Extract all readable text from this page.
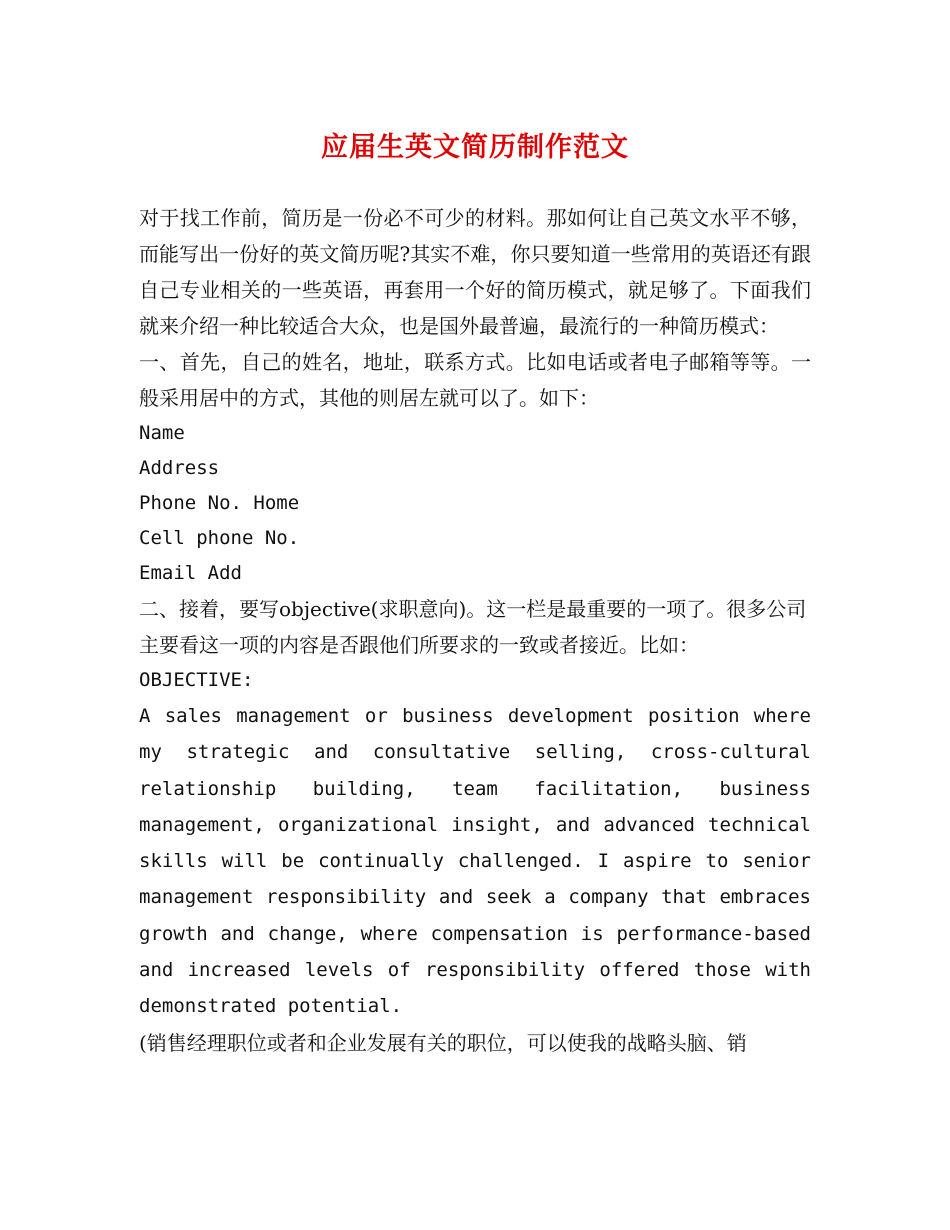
应届生英文简历制作范文

对于找工作前，简历是一份必不可少的材料。那如何让自己英文水平不够，而能写出一份好的英文简历呢?其实不难，你只要知道一些常用的英语还有跟自己专业相关的一些英语，再套用一个好的简历模式，就足够了。下面我们就来介绍一种比较适合大众，也是国外最普遍，最流行的一种简历模式：

一、首先，自己的姓名，地址，联系方式。比如电话或者电子邮箱等等。一般采用居中的方式，其他的则居左就可以了。如下：

Name

Address

Phone No. Home

Cell phone No.

Email Add

二、接着，要写objective(求职意向)。这一栏是最重要的一项了。很多公司主要看这一项的内容是否跟他们所要求的一致或者接近。比如：

OBJECTIVE:

A sales management or business development position where my strategic and consultative selling, cross-cultural relationship building, team facilitation, business management, organizational insight, and advanced technical skills will be continually challenged. I aspire to senior management responsibility and seek a company that embraces growth and change, where compensation is performance-based and increased levels of responsibility offered those with demonstrated potential.

(销售经理职位或者和企业发展有关的职位，可以使我的战略头脑、销
